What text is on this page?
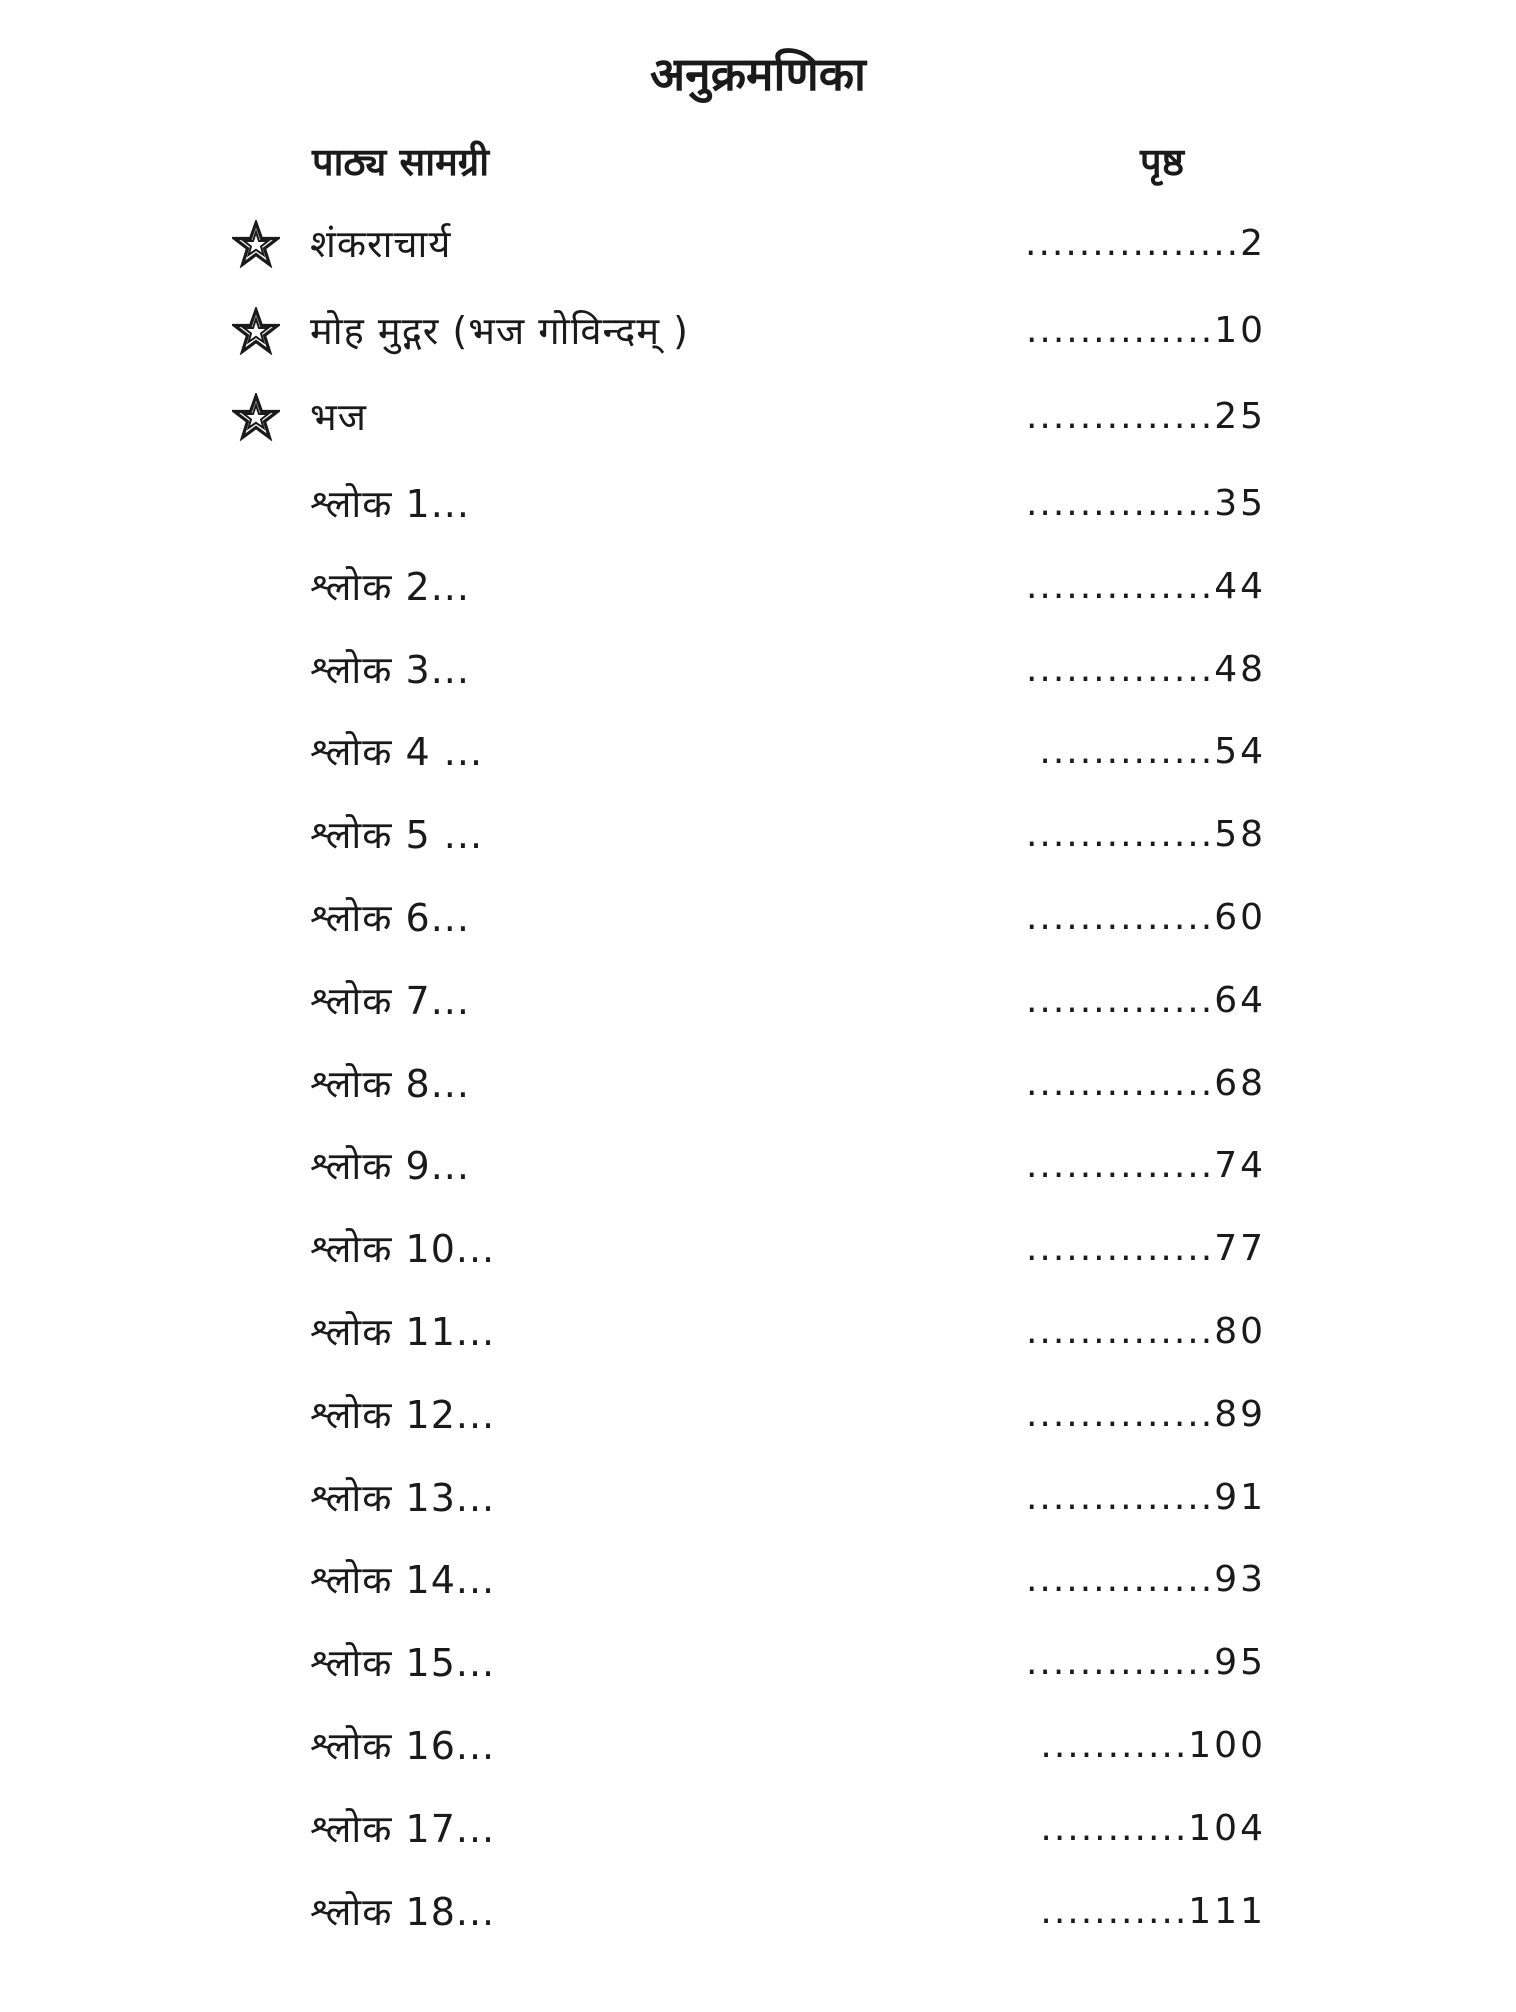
अनुक्रमणिका
पाठ्य सामग्री	पृष्ठ
शंकराचार्य	................2
मोह मुद्गर (भज गोविन्दम् )	..............10
भज	..............25
श्लोक 1...	..............35
श्लोक 2...	..............44
श्लोक 3...	..............48
श्लोक 4 ...	.............54
श्लोक 5 ...	..............58
श्लोक 6...	..............60
श्लोक 7...	..............64
श्लोक 8...	..............68
श्लोक 9...	..............74
श्लोक 10...	..............77
श्लोक 11...	..............80
श्लोक 12...	..............89
श्लोक 13...	..............91
श्लोक 14...	..............93
श्लोक 15...	..............95
श्लोक 16...	...........100
श्लोक 17...	...........104
श्लोक 18...	...........111
